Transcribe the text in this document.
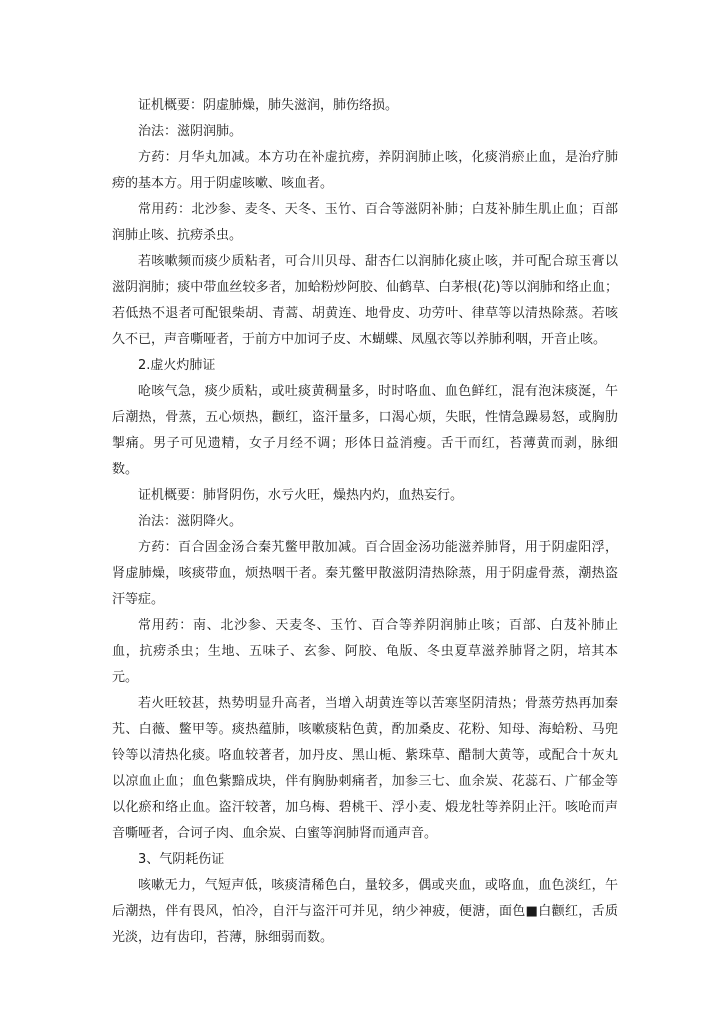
证机概要：阴虚肺燥，肺失滋润，肺伤络损。

治法：滋阴润肺。

方药：月华丸加减。本方功在补虚抗痨，养阴润肺止咳，化痰消瘀止血，是治疗肺痨的基本方。用于阴虚咳嗽、咳血者。

常用药：北沙参、麦冬、天冬、玉竹、百合等滋阴补肺；白芨补肺生肌止血；百部润肺止咳、抗痨杀虫。

若咳嗽频而痰少质粘者，可合川贝母、甜杏仁以润肺化痰止咳，并可配合琼玉膏以滋阴润肺；痰中带血丝较多者，加蛤粉炒阿胶、仙鹤草、白茅根(花)等以润肺和络止血；若低热不退者可配银柴胡、青蒿、胡黄连、地骨皮、功劳叶、律草等以清热除蒸。若咳久不已，声音嘶哑者，于前方中加诃子皮、木蝴蝶、凤凰衣等以养肺利咽，开音止咳。

2.虚火灼肺证

呛咳气急，痰少质粘，或吐痰黄稠量多，时时咯血、血色鲜红，混有泡沫痰涎，午后潮热，骨蒸，五心烦热，颧红，盗汗量多，口渴心烦，失眠，性情急躁易怒，或胸肋掣痛。男子可见遗精，女子月经不调；形体日益消瘦。舌干而红，苔薄黄而剥，脉细数。

证机概要：肺肾阴伤，水亏火旺，燥热内灼，血热妄行。

治法：滋阴降火。

方药：百合固金汤合秦艽鳖甲散加减。百合固金汤功能滋养肺肾，用于阴虚阳浮，肾虚肺燥，咳痰带血，烦热咽干者。秦艽鳖甲散滋阴清热除蒸，用于阴虚骨蒸，潮热盗汗等症。

常用药：南、北沙参、天麦冬、玉竹、百合等养阴润肺止咳；百部、白芨补肺止血，抗痨杀虫；生地、五味子、玄参、阿胶、龟版、冬虫夏草滋养肺肾之阴，培其本元。

若火旺较甚，热势明显升高者，当增入胡黄连等以苦寒坚阴清热；骨蒸劳热再加秦艽、白薇、鳖甲等。痰热蕴肺，咳嗽痰粘色黄，酌加桑皮、花粉、知母、海蛤粉、马兜铃等以清热化痰。咯血较著者，加丹皮、黑山栀、紫珠草、醋制大黄等，或配合十灰丸以凉血止血；血色紫黯成块，伴有胸胁刺痛者，加参三七、血余炭、花蕊石、广郁金等以化瘀和络止血。盗汗较著，加乌梅、碧桃干、浮小麦、煅龙牡等养阴止汗。咳呛而声音嘶哑者，合诃子肉、血余炭、白蜜等润肺肾而通声音。

3、气阴耗伤证

咳嗽无力，气短声低，咳痰清稀色白，量较多，偶或夹血，或咯血，血色淡红，午后潮热，伴有畏风，怕冷，自汗与盗汗可并见，纳少神疲，便溏，面色■白颧红，舌质光淡，边有齿印，苔薄，脉细弱而数。
